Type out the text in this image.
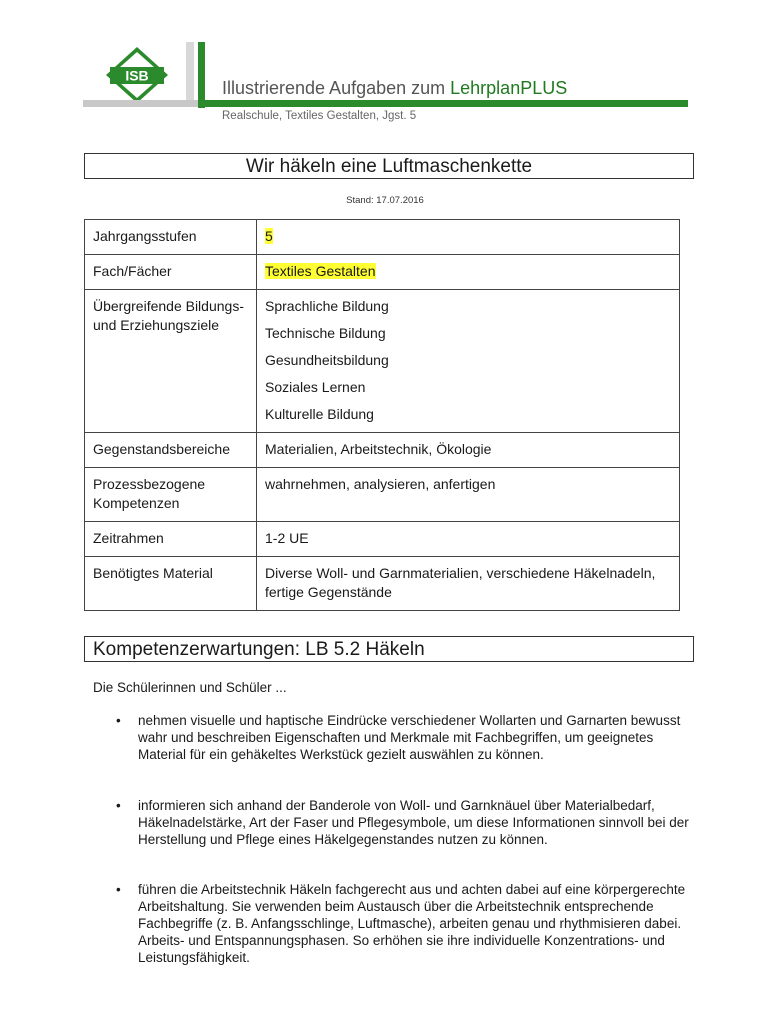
ISB
Illustrierende Aufgaben zum LehrplanPLUS
Realschule, Textiles Gestalten, Jgst. 5
Wir häkeln eine Luftmaschenkette
Stand: 17.07.2016
Jahrgangsstufen	5
Fach/Fächer	Textiles Gestalten
Übergreifende Bildungs- und Erziehungsziele	Sprachliche Bildung
Technische Bildung
Gesundheitsbildung
Soziales Lernen
Kulturelle Bildung

Gegenstandsbereiche	Materialien, Arbeitstechnik, Ökologie
Prozessbezogene Kompetenzen	wahrnehmen, analysieren, anfertigen
Zeitrahmen	1-2 UE
Benötigtes Material	Diverse Woll- und Garnmaterialien, verschiedene Häkelnadeln, fertige Gegenstände
Kompetenzerwartungen: LB 5.2 Häkeln
Die Schülerinnen und Schüler ...
• nehmen visuelle und haptische Eindrücke verschiedener Wollarten und Garnarten bewusst wahr und beschreiben Eigenschaften und Merkmale mit Fachbegriffen, um geeignetes Material für ein gehäkeltes Werkstück gezielt auswählen zu können.
• informieren sich anhand der Banderole von Woll- und Garnknäuel über Materialbedarf, Häkelnadelstärke, Art der Faser und Pflegesymbole, um diese Informationen sinnvoll bei der Herstellung und Pflege eines Häkelgegenstandes nutzen zu können.
• führen die Arbeitstechnik Häkeln fachgerecht aus und achten dabei auf eine körpergerechte Arbeitshaltung. Sie verwenden beim Austausch über die Arbeitstechnik entsprechende Fachbegriffe (z. B. Anfangsschlinge, Luftmasche), arbeiten genau und rhythmisieren dabei. Arbeits- und Entspannungsphasen. So erhöhen sie ihre individuelle Konzentrations- und Leistungsfähigkeit.
